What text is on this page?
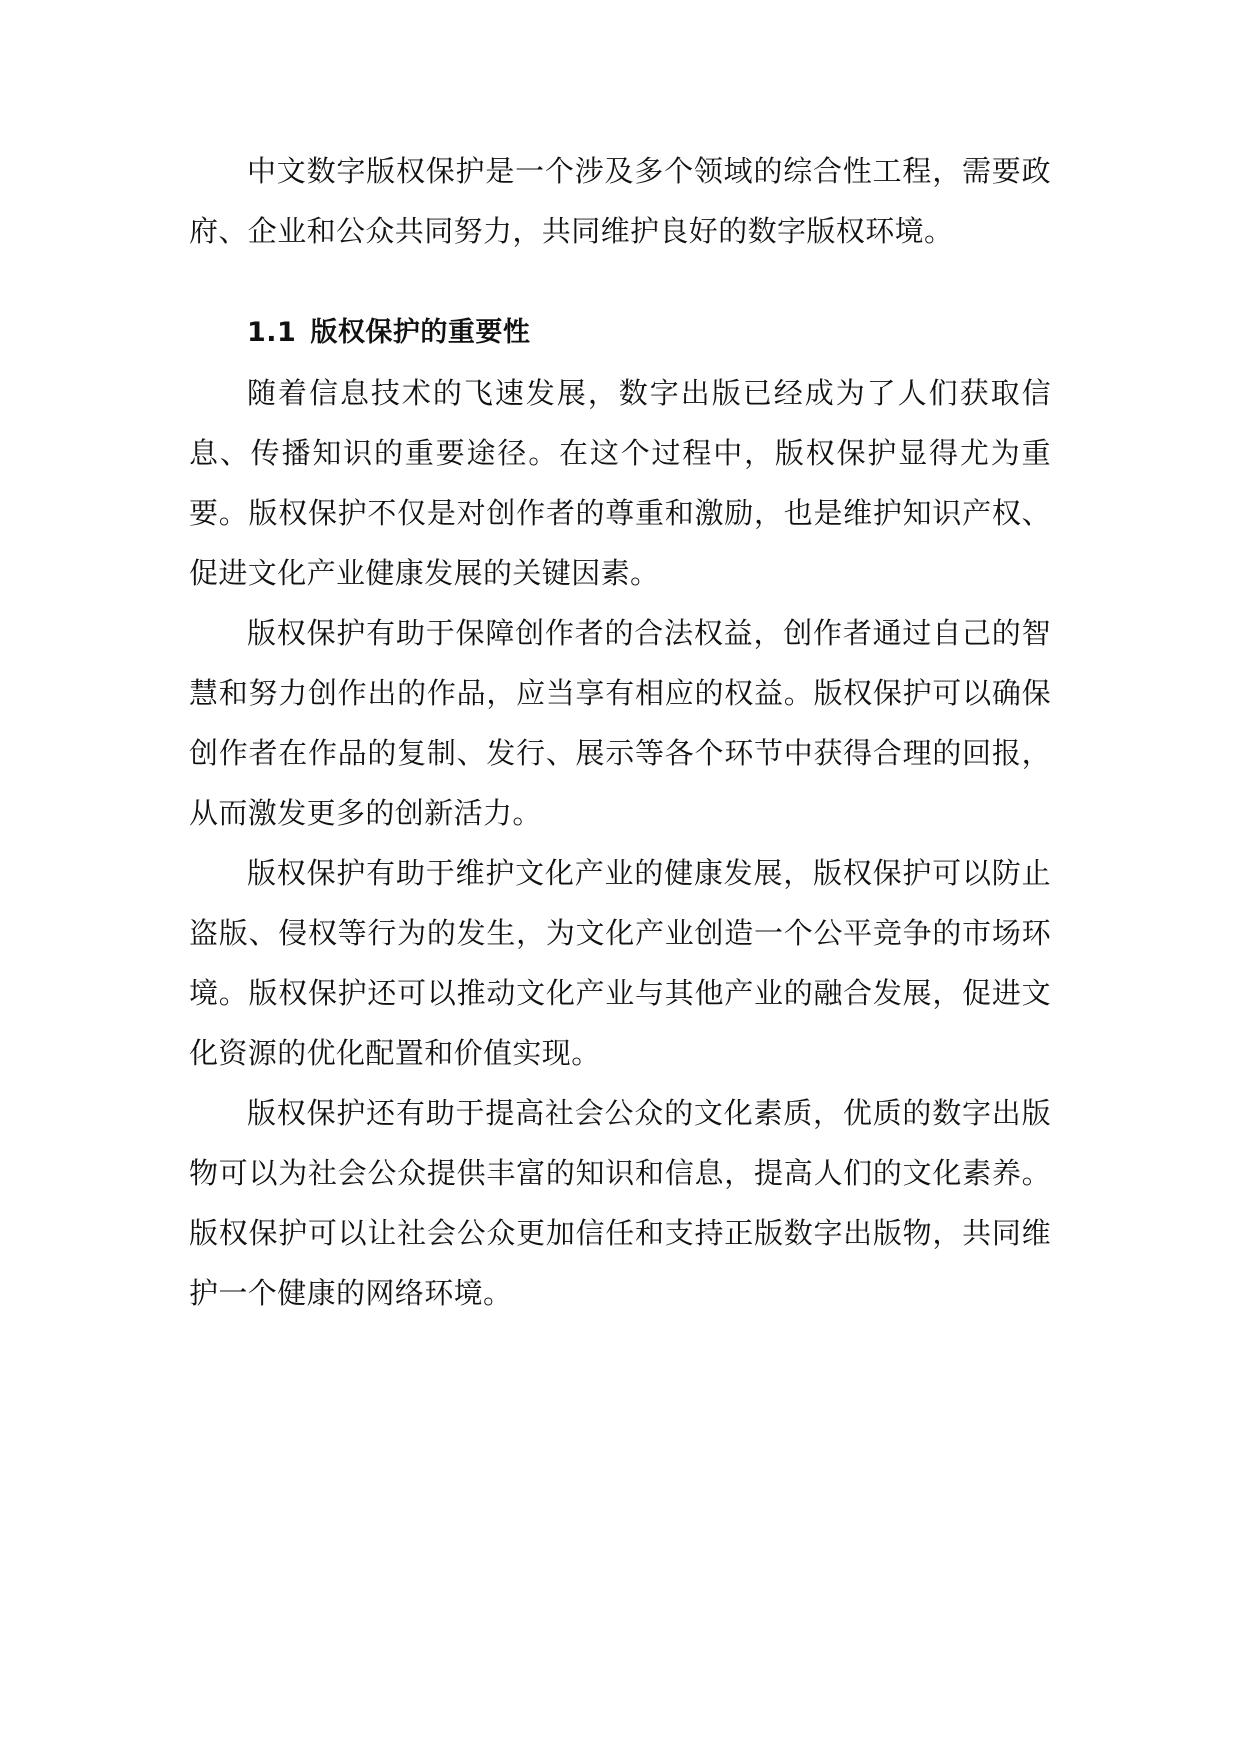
中文数字版权保护是一个涉及多个领域的综合性工程，需要政府、企业和公众共同努力，共同维护良好的数字版权环境。

1.1 版权保护的重要性

随着信息技术的飞速发展，数字出版已经成为了人们获取信息、传播知识的重要途径。在这个过程中，版权保护显得尤为重要。版权保护不仅是对创作者的尊重和激励，也是维护知识产权、促进文化产业健康发展的关键因素。

版权保护有助于保障创作者的合法权益，创作者通过自己的智慧和努力创作出的作品，应当享有相应的权益。版权保护可以确保创作者在作品的复制、发行、展示等各个环节中获得合理的回报，从而激发更多的创新活力。

版权保护有助于维护文化产业的健康发展，版权保护可以防止盗版、侵权等行为的发生，为文化产业创造一个公平竞争的市场环境。版权保护还可以推动文化产业与其他产业的融合发展，促进文化资源的优化配置和价值实现。

版权保护还有助于提高社会公众的文化素质，优质的数字出版物可以为社会公众提供丰富的知识和信息，提高人们的文化素养。版权保护可以让社会公众更加信任和支持正版数字出版物，共同维护一个健康的网络环境。
